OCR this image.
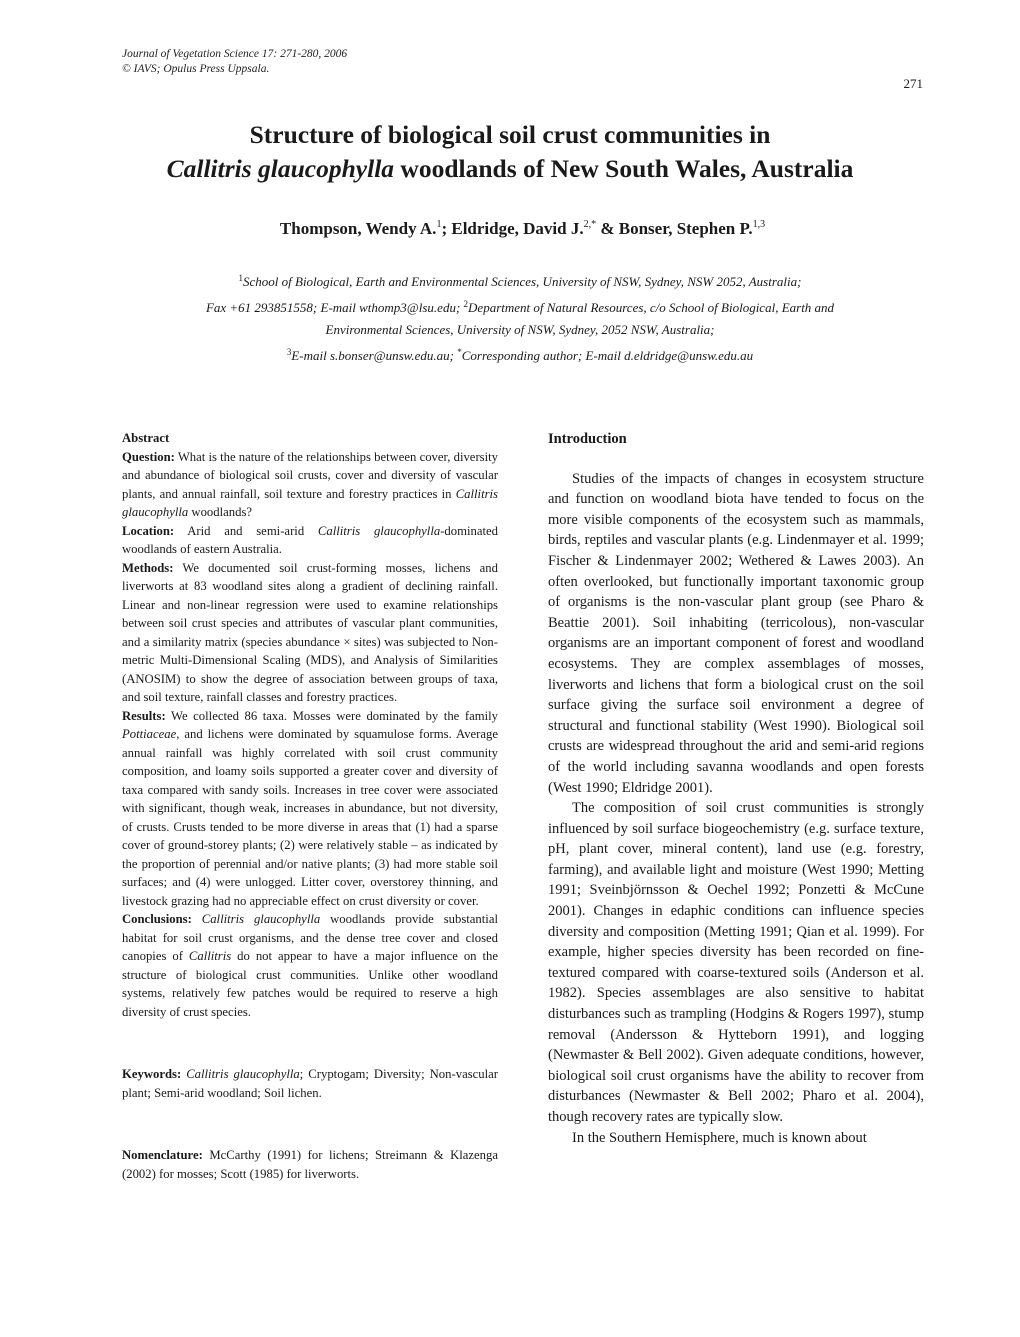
Journal of Vegetation Science 17: 271-280, 2006
© IAVS; Opulus Press Uppsala.
271
Structure of biological soil crust communities in
Callitris glaucophylla woodlands of New South Wales, Australia
Thompson, Wendy A.$^1$; Eldridge, David J.$^{2,*}$ & Bonser, Stephen P.$^{1,3}$
$^1$School of Biological, Earth and Environmental Sciences, University of NSW, Sydney, NSW 2052, Australia;
Fax +61 293851558; E-mail wthomp3@lsu.edu; $^2$Department of Natural Resources, c/o School of Biological, Earth and
Environmental Sciences, University of NSW, Sydney, 2052 NSW, Australia;
$^3$E-mail s.bonser@unsw.edu.au; *Corresponding author; E-mail d.eldridge@unsw.edu.au

Abstract

Question: What is the nature of the relationships between cover, diversity and abundance of biological soil crusts, cover and diversity of vascular plants, and annual rainfall, soil texture and forestry practices in Callitris glaucophylla woodlands?

Location: Arid and semi-arid Callitris glaucophylla-dominated woodlands of eastern Australia.

Methods: We documented soil crust-forming mosses, lichens and liverworts at 83 woodland sites along a gradient of declining rainfall. Linear and non-linear regression were used to examine relationships between soil crust species and attributes of vascular plant communities, and a similarity matrix (species abundance × sites) was subjected to Non-metric Multi-Dimensional Scaling (MDS), and Analysis of Similarities (ANOSIM) to show the degree of association between groups of taxa, and soil texture, rainfall classes and forestry practices.

Results: We collected 86 taxa. Mosses were dominated by the family Pottiaceae, and lichens were dominated by squamulose forms. Average annual rainfall was highly correlated with soil crust community composition, and loamy soils supported a greater cover and diversity of taxa compared with sandy soils. Increases in tree cover were associated with significant, though weak, increases in abundance, but not diversity, of crusts. Crusts tended to be more diverse in areas that (1) had a sparse cover of ground-storey plants; (2) were relatively stable – as indicated by the proportion of perennial and/or native plants; (3) had more stable soil surfaces; and (4) were unlogged. Litter cover, overstorey thinning, and livestock grazing had no appreciable effect on crust diversity or cover.

Conclusions: Callitris glaucophylla woodlands provide substantial habitat for soil crust organisms, and the dense tree cover and closed canopies of Callitris do not appear to have a major influence on the structure of biological crust communities. Unlike other woodland systems, relatively few patches would be required to reserve a high diversity of crust species.

Keywords: Callitris glaucophylla; Cryptogam; Diversity; Non-vascular plant; Semi-arid woodland; Soil lichen.

Nomenclature: McCarthy (1991) for lichens; Streimann & Klazenga (2002) for mosses; Scott (1985) for liverworts.

Introduction

Studies of the impacts of changes in ecosystem structure and function on woodland biota have tended to focus on the more visible components of the ecosystem such as mammals, birds, reptiles and vascular plants (e.g. Lindenmayer et al. 1999; Fischer & Lindenmayer 2002; Wethered & Lawes 2003). An often overlooked, but functionally important taxonomic group of organisms is the non-vascular plant group (see Pharo & Beattie 2001). Soil inhabiting (terricolous), non-vascular organisms are an important component of forest and woodland ecosystems. They are complex assemblages of mosses, liverworts and lichens that form a biological crust on the soil surface giving the surface soil environment a degree of structural and functional stability (West 1990). Biological soil crusts are widespread throughout the arid and semi-arid regions of the world including savanna woodlands and open forests (West 1990; Eldridge 2001).

The composition of soil crust communities is strongly influenced by soil surface biogeochemistry (e.g. surface texture, pH, plant cover, mineral content), land use (e.g. forestry, farming), and available light and moisture (West 1990; Metting 1991; Sveinbjörnsson & Oechel 1992; Ponzetti & McCune 2001). Changes in edaphic conditions can influence species diversity and composition (Metting 1991; Qian et al. 1999). For example, higher species diversity has been recorded on fine-textured compared with coarse-textured soils (Anderson et al. 1982). Species assemblages are also sensitive to habitat disturbances such as trampling (Hodgins & Rogers 1997), stump removal (Andersson & Hytteborn 1991), and logging (Newmaster & Bell 2002). Given adequate conditions, however, biological soil crust organisms have the ability to recover from disturbances (Newmaster & Bell 2002; Pharo et al. 2004), though recovery rates are typically slow.

In the Southern Hemisphere, much is known about
